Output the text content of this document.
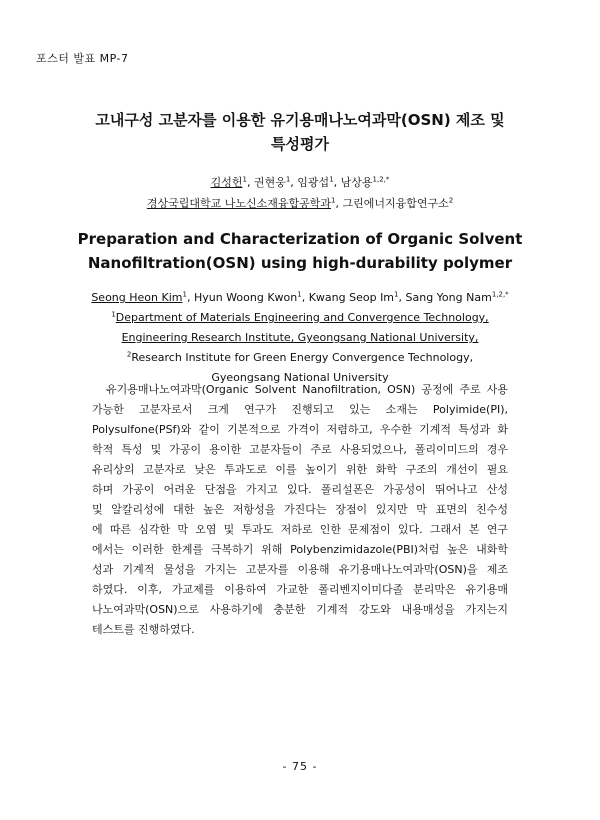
포스터 발표 MP-7
고내구성 고분자를 이용한 유기용매나노여과막(OSN) 제조 및
특성평가
김성헌$^1$, 권현웅$^1$, 임광섭$^1$, 남상용$^{1,2,*}$
경상국립대학교 나노신소재융합공학과$^1$, 그린에너지융합연구소$^2$
Preparation and Characterization of Organic Solvent
Nanofiltration(OSN) using high-durability polymer
Seong Heon Kim$^1$, Hyun Woong Kwon$^1$, Kwang Seop Im$^1$, Sang Yong Nam$^{1,2,*}$
$^1$Department of Materials Engineering and Convergence Technology,
Engineering Research Institute, Gyeongsang National University,
$^2$Research Institute for Green Energy Convergence Technology,
Gyeongsang National University
유기용매나노여과막(Organic Solvent Nanofiltration, OSN) 공정에 주로 사용
가능한 고분자로서 크게 연구가 진행되고 있는 소재는 Polyimide(PI),
Polysulfone(PSf)와 같이 기본적으로 가격이 저렴하고, 우수한 기계적 특성과 화
학적 특성 및 가공이 용이한 고분자들이 주로 사용되었으나, 폴리이미드의 경우
유리상의 고분자로 낮은 투과도로 이를 높이기 위한 화학 구조의 개선이 필요
하며 가공이 어려운 단점을 가지고 있다. 폴리설폰은 가공성이 뛰어나고 산성
및 알칼리성에 대한 높은 저항성을 가진다는 장점이 있지만 막 표면의 친수성
에 따른 심각한 막 오염 및 투과도 저하로 인한 문제점이 있다. 그래서 본 연구
에서는 이러한 한계를 극복하기 위해 Polybenzimidazole(PBI)처럼 높은 내화학
성과 기계적 물성을 가지는 고분자를 이용해 유기용매나노여과막(OSN)을 제조
하였다. 이후, 가교제를 이용하여 가교한 폴리벤지이미다졸 분리막은 유기용매
나노여과막(OSN)으로 사용하기에 충분한 기계적 강도와 내용매성을 가지는지
테스트를 진행하였다.
- 75 -
